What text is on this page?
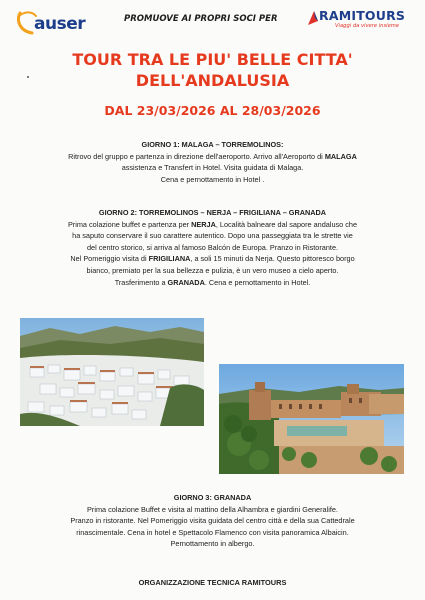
auser	PROMUOVE AI PROPRI SOCI PER	RAMITOURS
Viaggi da vivere insieme
TOUR TRA LE PIU' BELLE CITTA'
DELL'ANDALUSIA
DAL 23/03/2026 AL 28/03/2026
GIORNO 1: MALAGA – TORREMOLINOS:
Ritrovo del gruppo e partenza in direzione dell'aeroporto. Arrivo all'Aeroporto di MALAGA
assistenza e Transfert in Hotel. Visita guidata di Malaga.
Cena e pernottamento in Hotel .
GIORNO 2: TORREMOLINOS – NERJA – FRIGILIANA – GRANADA
Prima colazione buffet e partenza per NERJA, Località balneare dal sapore andaluso che
ha saputo conservare il suo carattere autentico. Dopo una passeggiata tra le strette vie
del centro storico, si arriva al famoso Balcón de Europa. Pranzo in Ristorante.
Nel Pomeriggio visita di FRIGILIANA, a soli 15 minuti da Nerja. Questo pittoresco borgo
bianco, premiato per la sua bellezza e pulizia, è un vero museo a cielo aperto.
Trasferimento a GRANADA. Cena e pernottamento in Hotel.
GIORNO 3: GRANADA
Prima colazione Buffet e visita al mattino della Alhambra e giardini Generalife.
Pranzo in ristorante. Nel Pomeriggio visita guidata del centro città e della sua Cattedrale
rinascimentale. Cena in hotel e Spettacolo Flamenco con visita panoramica Albaicin.
Pernottamento in albergo.
ORGANIZZAZIONE TECNICA RAMITOURS
